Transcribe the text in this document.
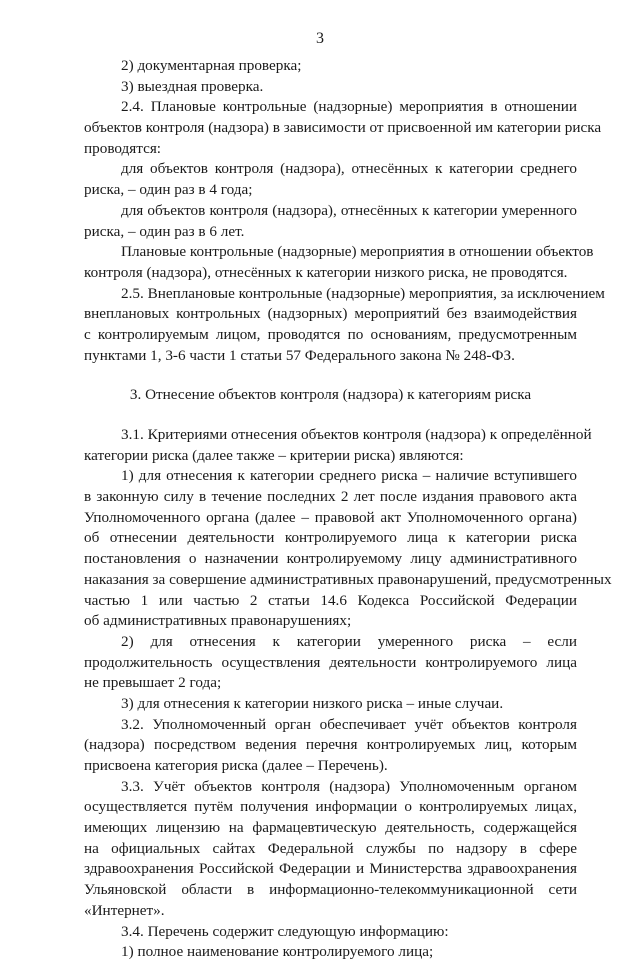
3
2) документарная проверка;
3) выездная проверка.
2.4. Плановые контрольные (надзорные) мероприятия в отношении
объектов контроля (надзора) в зависимости от присвоенной им категории риска
проводятся:
для объектов контроля (надзора), отнесённых к категории среднего
риска, – один раз в 4 года;
для объектов контроля (надзора), отнесённых к категории умеренного
риска, – один раз в 6 лет.
Плановые контрольные (надзорные) мероприятия в отношении объектов
контроля (надзора), отнесённых к категории низкого риска, не проводятся.
2.5. Внеплановые контрольные (надзорные) мероприятия, за исключением
внеплановых контрольных (надзорных) мероприятий без взаимодействия
с контролируемым лицом, проводятся по основаниям, предусмотренным
пунктами 1, 3-6 части 1 статьи 57 Федерального закона № 248-ФЗ.
3. Отнесение объектов контроля (надзора) к категориям риска
3.1. Критериями отнесения объектов контроля (надзора) к определённой
категории риска (далее также – критерии риска) являются:
1) для отнесения к категории среднего риска – наличие вступившего
в законную силу в течение последних 2 лет после издания правового акта
Уполномоченного органа (далее – правовой акт Уполномоченного органа)
об отнесении деятельности контролируемого лица к категории риска
постановления о назначении контролируемому лицу административного
наказания за совершение административных правонарушений, предусмотренных
частью 1 или частью 2 статьи 14.6 Кодекса Российской Федерации
об административных правонарушениях;
2) для отнесения к категории умеренного риска – если
продолжительность осуществления деятельности контролируемого лица
не превышает 2 года;
3) для отнесения к категории низкого риска – иные случаи.
3.2. Уполномоченный орган обеспечивает учёт объектов контроля
(надзора) посредством ведения перечня контролируемых лиц, которым
присвоена категория риска (далее – Перечень).
3.3. Учёт объектов контроля (надзора) Уполномоченным органом
осуществляется путём получения информации о контролируемых лицах,
имеющих лицензию на фармацевтическую деятельность, содержащейся
на официальных сайтах Федеральной службы по надзору в сфере
здравоохранения Российской Федерации и Министерства здравоохранения
Ульяновской области в информационно-телекоммуникационной сети
«Интернет».
3.4. Перечень содержит следующую информацию:
1) полное наименование контролируемого лица;
